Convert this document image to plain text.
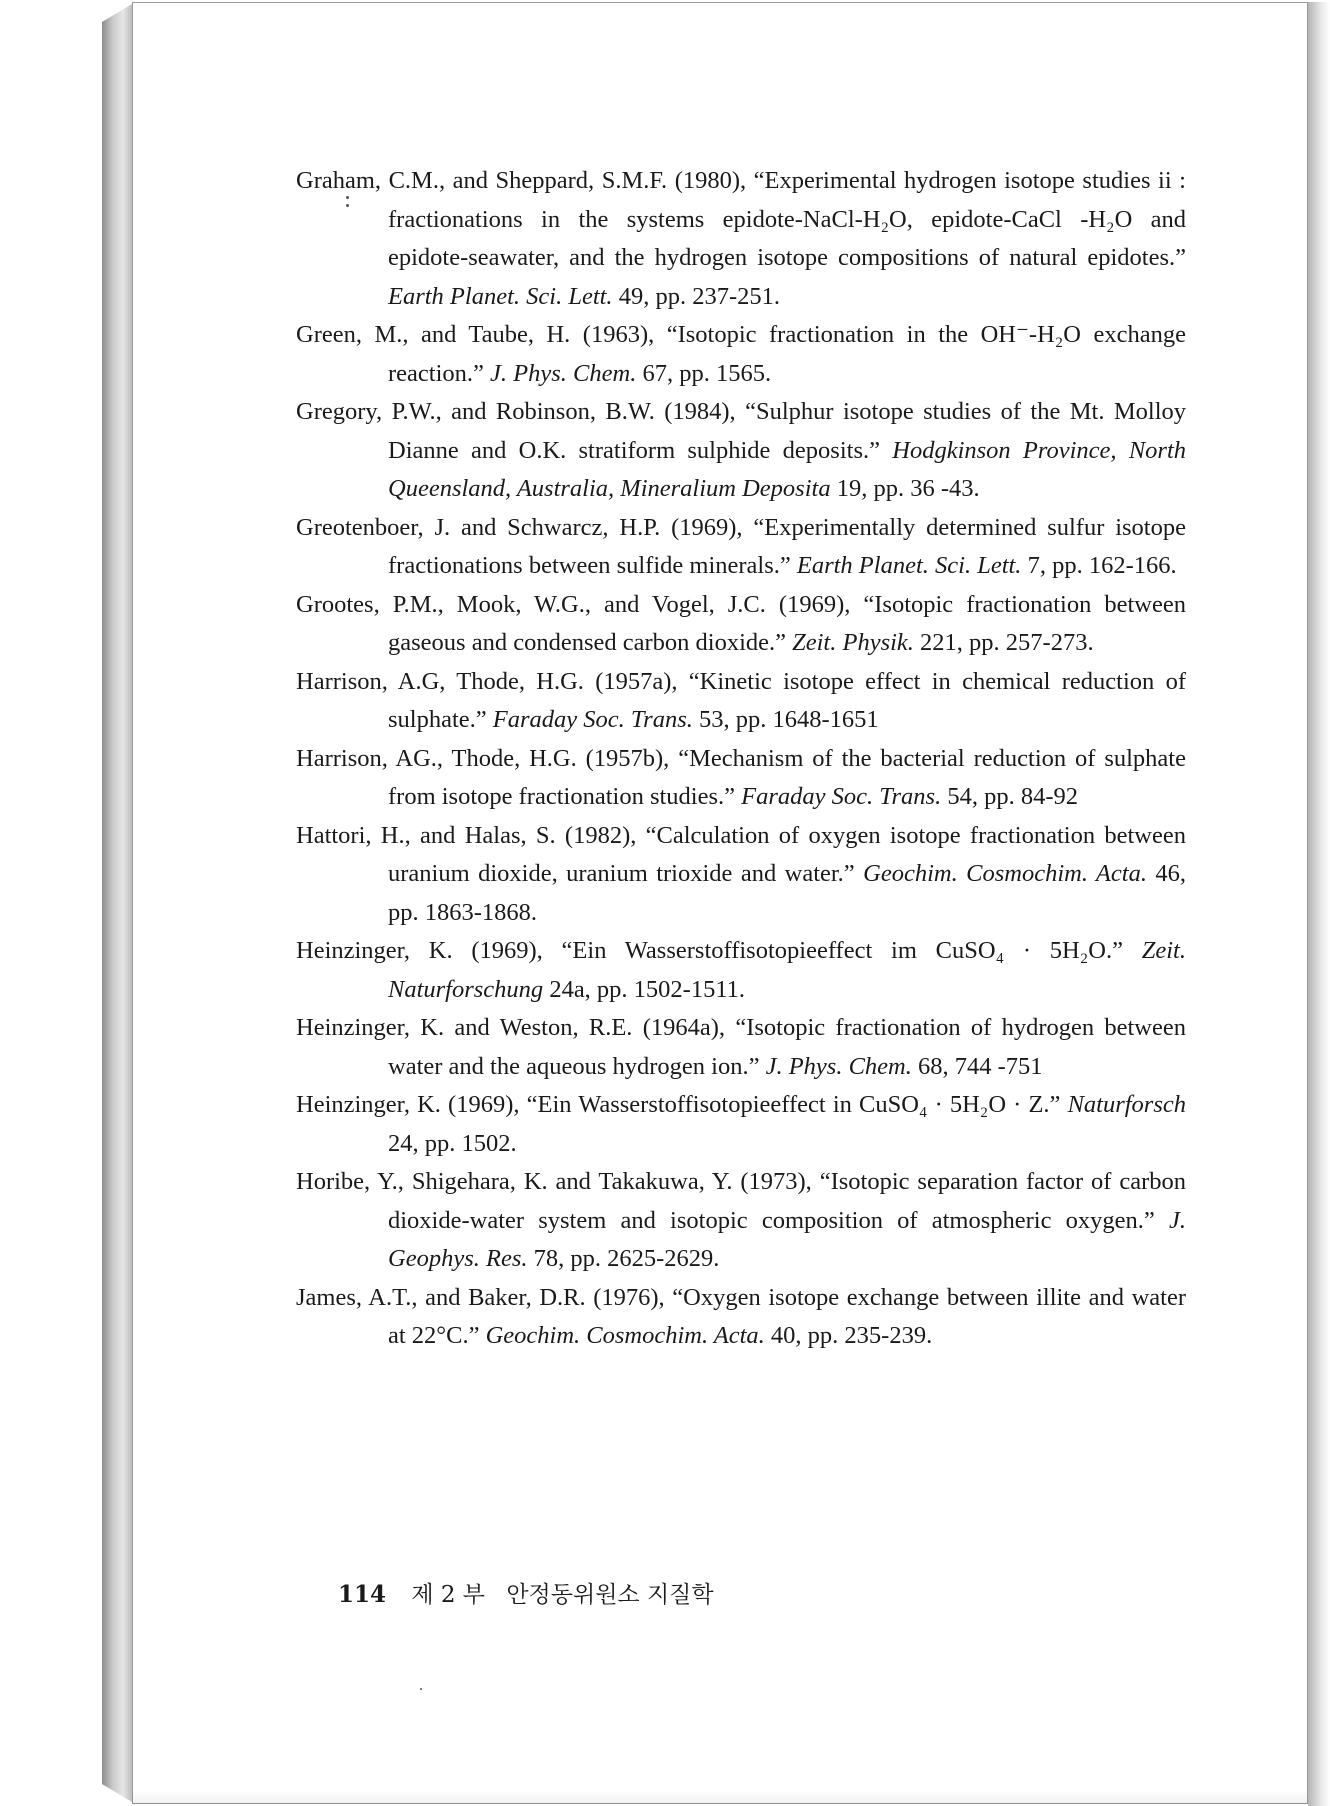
Graham, C.M., and Sheppard, S.M.F. (1980), “Experimental hydrogen isotope studies ii : fractionations in the systems epidote-NaCl-H₂O, epidote-CaCl -H₂O and epidote-seawater, and the hydrogen isotope compositions of natural epidotes.” Earth Planet. Sci. Lett. 49, pp. 237-251.

Green, M., and Taube, H. (1963), “Isotopic fractionation in the OH⁻-H₂O exchange reaction.” J. Phys. Chem. 67, pp. 1565.

Gregory, P.W., and Robinson, B.W. (1984), “Sulphur isotope studies of the Mt. Molloy Dianne and O.K. stratiform sulphide deposits.” Hodgkinson Province, North Queensland, Australia, Mineralium Deposita 19, pp. 36 -43.

Greotenboer, J. and Schwarcz, H.P. (1969), “Experimentally determined sulfur isotope fractionations between sulfide minerals.” Earth Planet. Sci. Lett. 7, pp. 162-166.

Grootes, P.M., Mook, W.G., and Vogel, J.C. (1969), “Isotopic fractionation between gaseous and condensed carbon dioxide.” Zeit. Physik. 221, pp. 257-273.

Harrison, A.G, Thode, H.G. (1957a), “Kinetic isotope effect in chemical reduction of sulphate.” Faraday Soc. Trans. 53, pp. 1648-1651

Harrison, AG., Thode, H.G. (1957b), “Mechanism of the bacterial reduction of sulphate from isotope fractionation studies.” Faraday Soc. Trans. 54, pp. 84-92

Hattori, H., and Halas, S. (1982), “Calculation of oxygen isotope fractionation between uranium dioxide, uranium trioxide and water.” Geochim. Cosmochim. Acta. 46, pp. 1863-1868.

Heinzinger, K. (1969), “Ein Wasserstoffisotopieeffect im CuSO₄ · 5H₂O.” Zeit. Naturforschung 24a, pp. 1502-1511.

Heinzinger, K. and Weston, R.E. (1964a), “Isotopic fractionation of hydrogen between water and the aqueous hydrogen ion.” J. Phys. Chem. 68, 744 -751

Heinzinger, K. (1969), “Ein Wasserstoffisotopieeffect in CuSO₄ · 5H₂O · Z.” Naturforsch 24, pp. 1502.

Horibe, Y., Shigehara, K. and Takakuwa, Y. (1973), “Isotopic separation factor of carbon dioxide-water system and isotopic composition of atmospheric oxygen.” J. Geophys. Res. 78, pp. 2625-2629.

James, A.T., and Baker, D.R. (1976), “Oxygen isotope exchange between illite and water at 22°C.” Geochim. Cosmochim. Acta. 40, pp. 235-239.

114 제 2 부 안정동위원소 지질학
